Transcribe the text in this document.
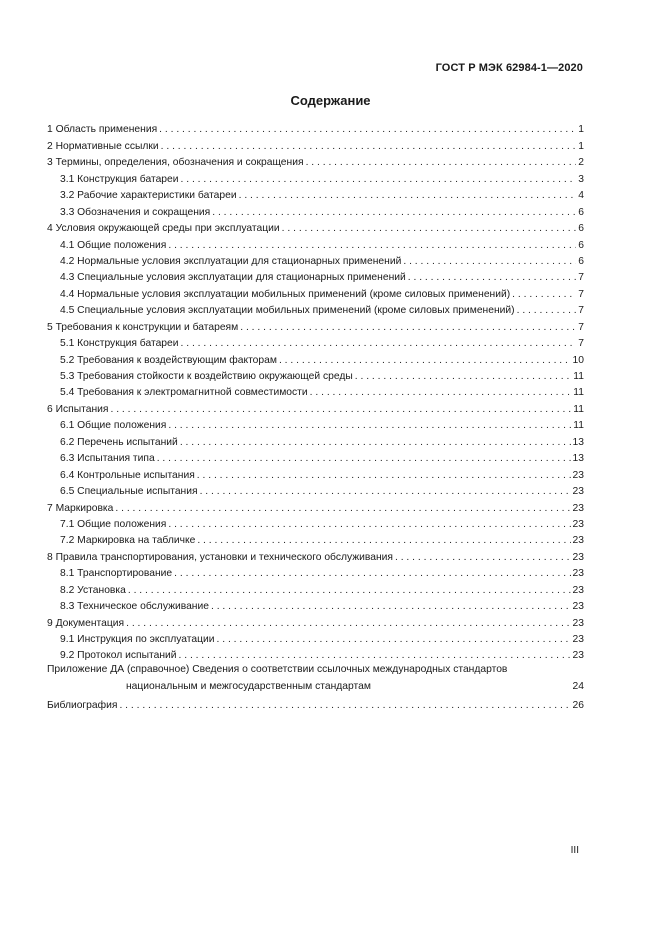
ГОСТ Р МЭК 62984-1—2020
Содержание
1 Область применения . . .	1
2 Нормативные ссылки . . .	1
3 Термины, определения, обозначения и сокращения . . .	2
3.1 Конструкция батареи . . .	3
3.2 Рабочие характеристики батареи . . .	4
3.3 Обозначения и сокращения . . .	6
4 Условия окружающей среды при эксплуатации . . .	6
4.1 Общие положения . . .	6
4.2 Нормальные условия эксплуатации для стационарных применений . . .	6
4.3 Специальные условия эксплуатации для стационарных применений . . .	7
4.4 Нормальные условия эксплуатации мобильных применений (кроме силовых применений) . . .	7
4.5 Специальные условия эксплуатации мобильных применений (кроме силовых применений) . . .	7
5 Требования к конструкции и батареям . . .	7
5.1 Конструкция батареи . . .	7
5.2 Требования к воздействующим факторам . . .	10
5.3 Требования стойкости к воздействию окружающей среды . . .	11
5.4 Требования к электромагнитной совместимости . . .	11
6 Испытания . . .	11
6.1 Общие положения . . .	11
6.2 Перечень испытаний . . .	13
6.3 Испытания типа . . .	13
6.4 Контрольные испытания . . .	23
6.5 Специальные испытания . . .	23
7 Маркировка . . .	23
7.1 Общие положения . . .	23
7.2 Маркировка на табличке . . .	23
8 Правила транспортирования, установки и технического обслуживания . . .	23
8.1 Транспортирование . . .	23
8.2 Установка . . .	23
8.3 Техническое обслуживание . . .	23
9 Документация . . .	23
9.1 Инструкция по эксплуатации . . .	23
9.2 Протокол испытаний . . .	23
Приложение ДА (справочное) Сведения о соответствии ссылочных международных стандартов
национальным и межгосударственным стандартам	24
Библиография . . .	26
III
